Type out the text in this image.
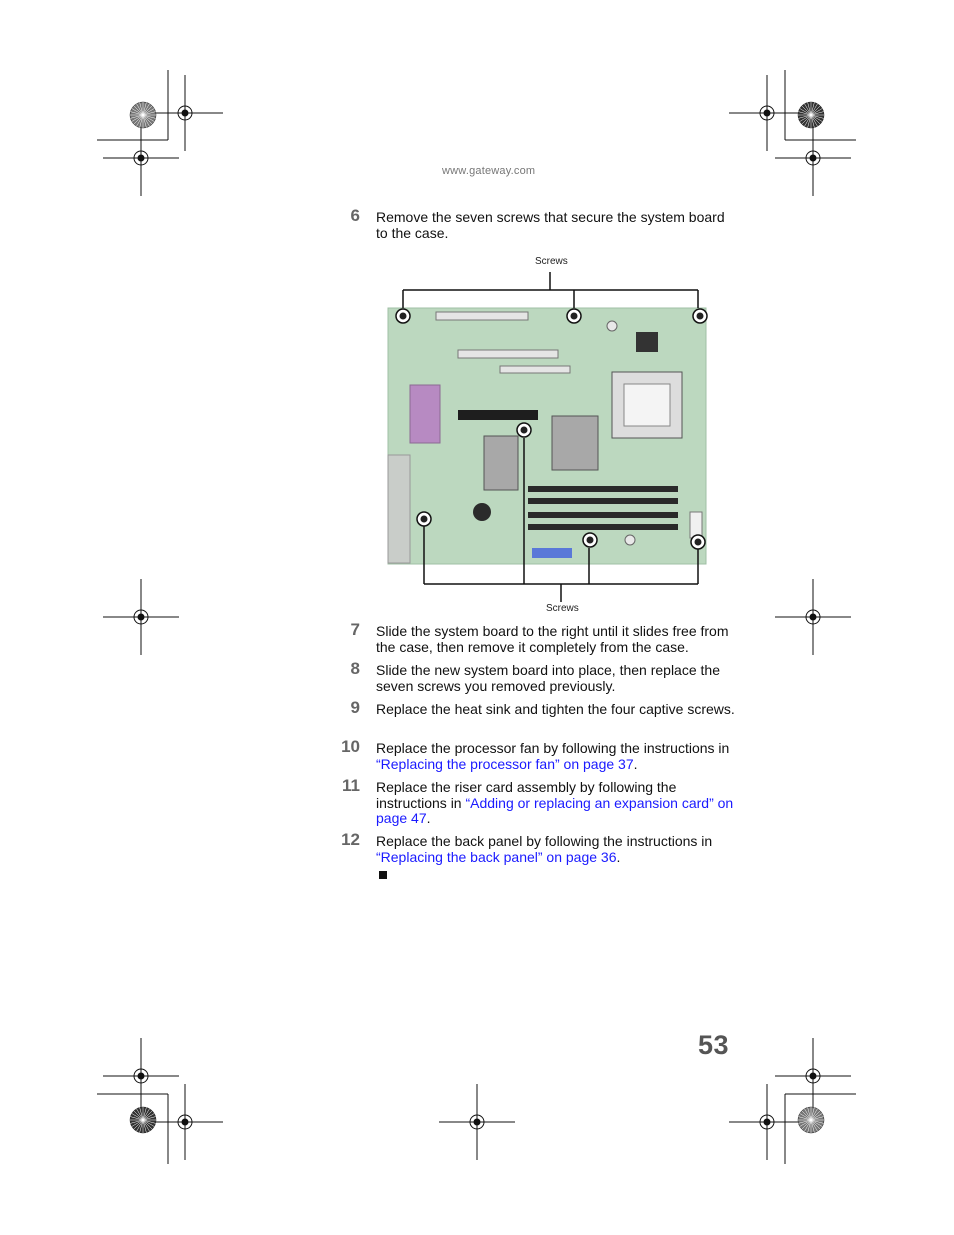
www.gateway.com
6 Remove the seven screws that secure the system board to the case.
Screws
Screws
7 Slide the system board to the right until it slides free from the case, then remove it completely from the case.
8 Slide the new system board into place, then replace the seven screws you removed previously.
9 Replace the heat sink and tighten the four captive screws.
10 Replace the processor fan by following the instructions in “Replacing the processor fan” on page 37.
11 Replace the riser card assembly by following the instructions in “Adding or replacing an expansion card” on page 47.
12 Replace the back panel by following the instructions in “Replacing the back panel” on page 36.
53
